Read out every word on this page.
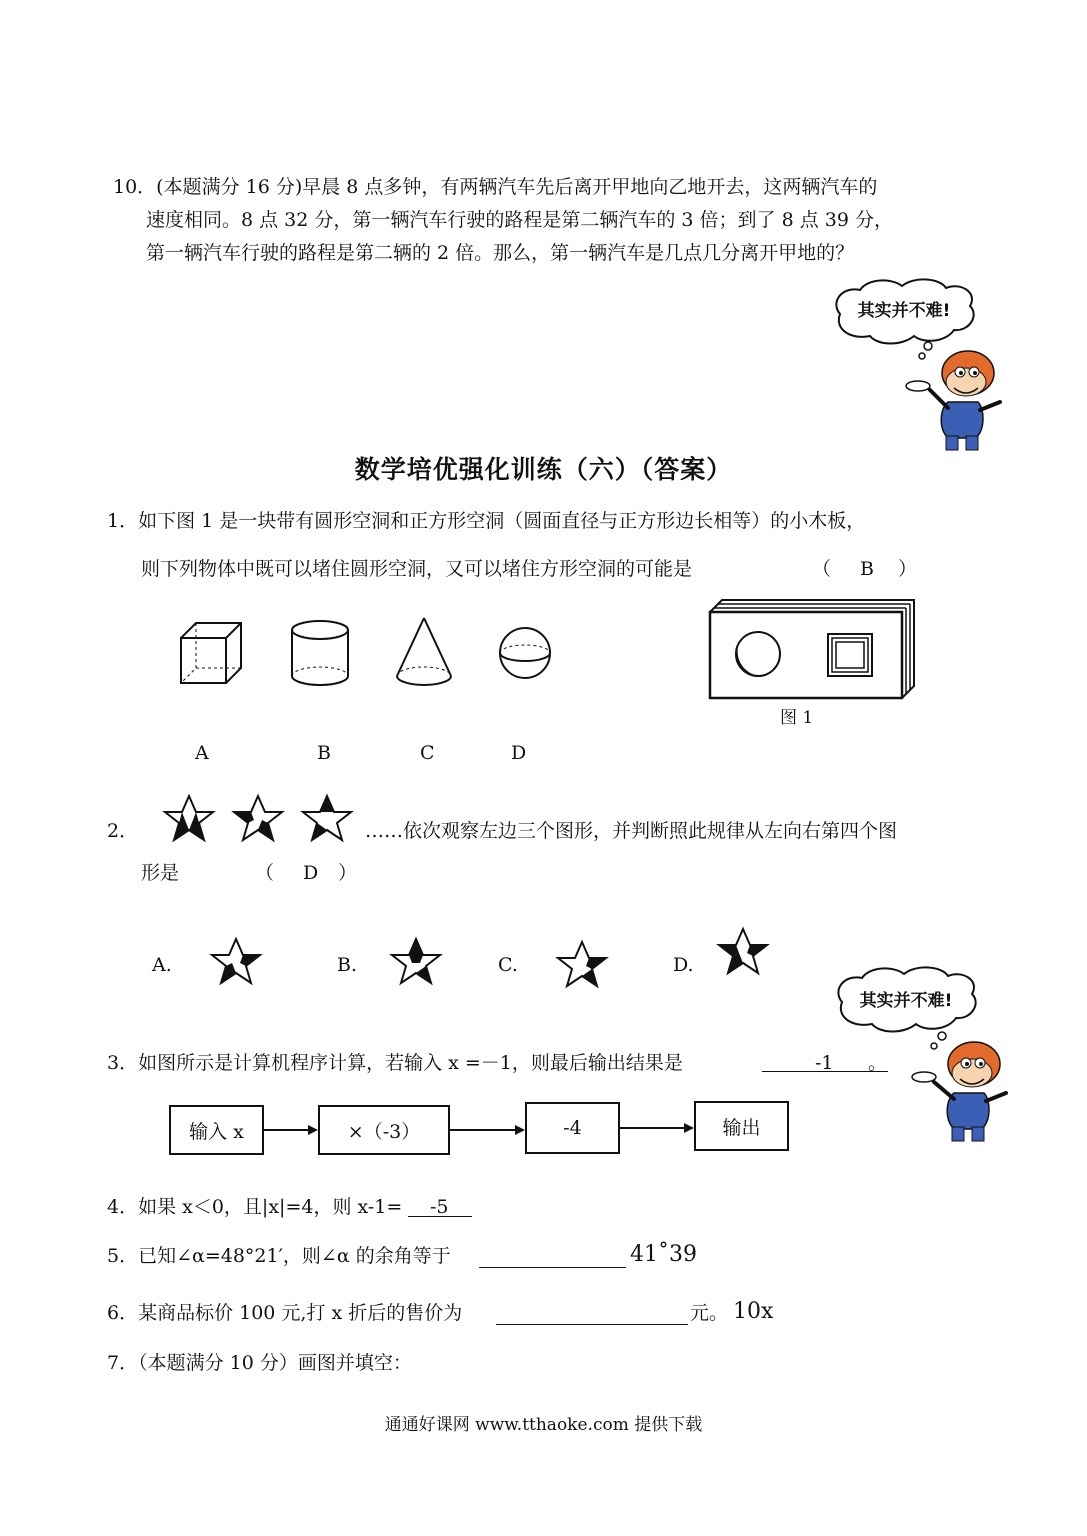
10．(本题满分 16 分)早晨 8 点多钟，有两辆汽车先后离开甲地向乙地开去，这两辆汽车的
速度相同。8 点 32 分，第一辆汽车行驶的路程是第二辆汽车的 3 倍；到了 8 点 39 分，
第一辆汽车行驶的路程是第二辆的 2 倍。那么，第一辆汽车是几点几分离开甲地的？
其实并不难!
数学培优强化训练（六）（答案）
1．如下图 1 是一块带有圆形空洞和正方形空洞（圆面直径与正方形边长相等）的小木板，
则下列物体中既可以堵住圆形空洞，又可以堵住方形空洞的可能是	（ B ）
A	B	C	D
图 1
2．	……依次观察左边三个图形，并判断照此规律从左向右第四个图
形是	（ D ）
A.	B.	C.	D.
其实并不难!
3．如图所示是计算机程序计算，若输入 x =－1，则最后输出结果是	-1 。
输入 x	×（-3）	-4	输出
4．如果 x＜0，且|x|=4，则 x-1= -5
5．已知∠α=48°21′，则∠α 的余角等于	41˚39
6．某商品标价 100 元,打 x 折后的售价为	元。 10x
7．（本题满分 10 分）画图并填空：
通通好课网 www.tthaoke.com 提供下载
